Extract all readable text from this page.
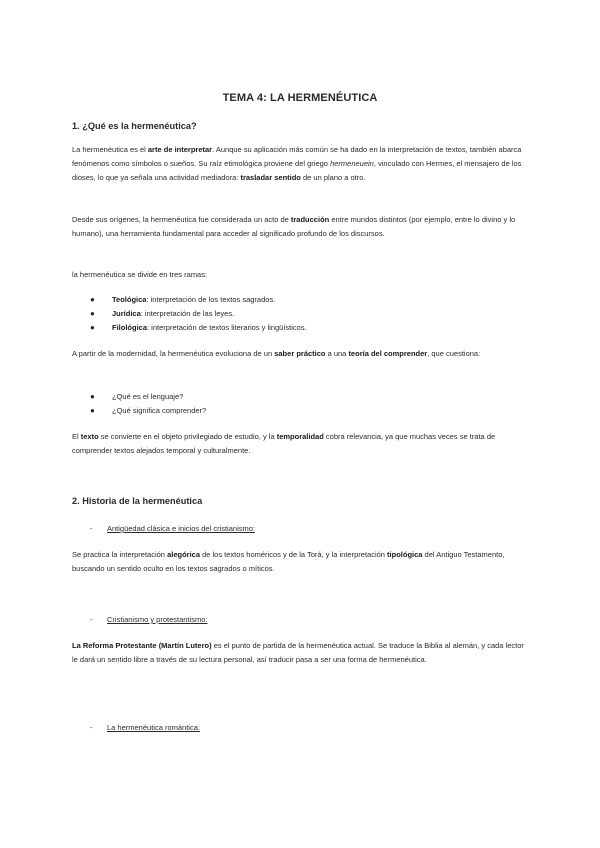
TEMA 4: LA HERMENÉUTICA
1. ¿Qué es la hermenéutica?

La hermenéutica es el arte de interpretar. Aunque su aplicación más común se ha dado en la interpretación de textos, también abarca fenómenos como símbolos o sueños. Su raíz etimológica proviene del griego hermeneuein, vinculado con Hermes, el mensajero de los dioses, lo que ya señala una actividad mediadora: trasladar sentido de un plano a otro.

Desde sus orígenes, la hermenéutica fue considerada un acto de traducción entre mundos distintos (por ejemplo, entre lo divino y lo humano), una herramienta fundamental para acceder al significado profundo de los discursos.

la hermenéutica se divide en tres ramas:

● Teológica: interpretación de los textos sagrados.
● Jurídica: interpretación de las leyes.
● Filológica: interpretación de textos literarios y lingüísticos.

A partir de la modernidad, la hermenéutica evoluciona de un saber práctico a una teoría del comprender, que cuestiona:

● ¿Qué es el lenguaje?
● ¿Qué significa comprender?

El texto se convierte en el objeto privilegiado de estudio, y la temporalidad cobra relevancia, ya que muchas veces se trata de comprender textos alejados temporal y culturalmente.

2. Historia de la hermenéutica
- Antigüedad clásica e inicios del cristianismo:

Se practica la interpretación alegórica de los textos homéricos y de la Torá, y la interpretación tipológica del Antiguo Testamento, buscando un sentido oculto en los textos sagrados o míticos.

- Cristianismo y protestantismo:

La Reforma Protestante (Martín Lutero) es el punto de partida de la hermenéutica actual. Se traduce la Biblia al alemán, y cada lector le dará un sentido libre a través de su lectura personal, así traducir pasa a ser una forma de hermenéutica.

- La hermenéutica romántica:
